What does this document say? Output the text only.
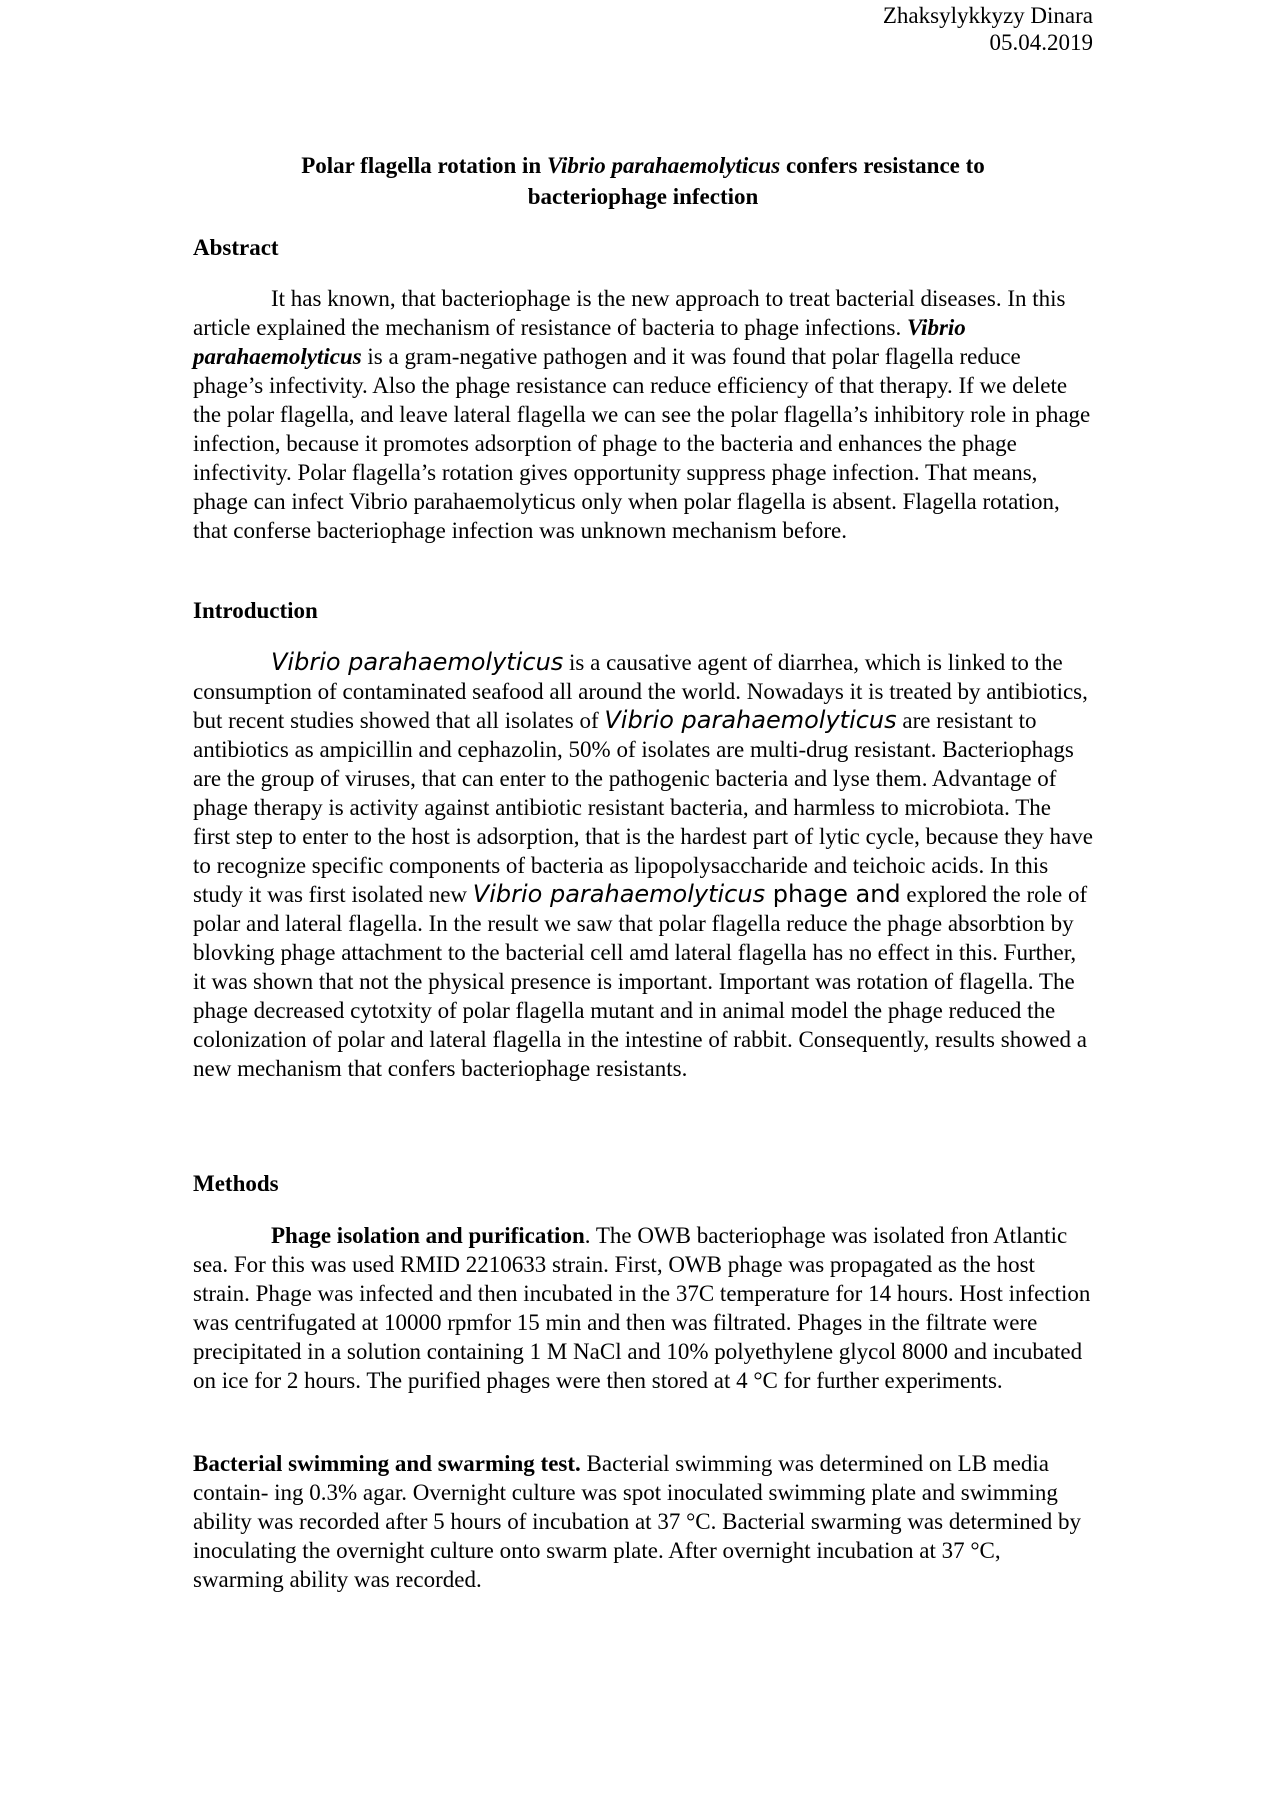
Zhaksylykkyzy Dinara
05.04.2019
Polar flagella rotation in Vibrio parahaemolyticus confers resistance to
bacteriophage infection

Abstract

It has known, that bacteriophage is the new approach to treat bacterial diseases. In this article explained the mechanism of resistance of bacteria to phage infections. Vibrio parahaemolyticus is a gram-negative pathogen and it was found that polar flagella reduce phage’s infectivity. Also the phage resistance can reduce efficiency of that therapy. If we delete the polar flagella, and leave lateral flagella we can see the polar flagella’s inhibitory role in phage infection, because it promotes adsorption of phage to the bacteria and enhances the phage infectivity. Polar flagella’s rotation gives opportunity suppress phage infection. That means, phage can infect Vibrio parahaemolyticus only when polar flagella is absent. Flagella rotation, that conferse bacteriophage infection was unknown mechanism before.

Introduction

Vibrio parahaemolyticus is a causative agent of diarrhea, which is linked to the consumption of contaminated seafood all around the world. Nowadays it is treated by antibiotics, but recent studies showed that all isolates of Vibrio parahaemolyticus are resistant to antibiotics as ampicillin and cephazolin, 50% of isolates are multi-drug resistant. Bacteriophags are the group of viruses, that can enter to the pathogenic bacteria and lyse them. Advantage of phage therapy is activity against antibiotic resistant bacteria, and harmless to microbiota. The first step to enter to the host is adsorption, that is the hardest part of lytic cycle, because they have to recognize specific components of bacteria as lipopolysaccharide and teichoic acids. In this study it was first isolated new Vibrio parahaemolyticus phage and explored the role of polar and lateral flagella. In the result we saw that polar flagella reduce the phage absorbtion by blovking phage attachment to the bacterial cell amd lateral flagella has no effect in this. Further, it was shown that not the physical presence is important. Important was rotation of flagella. The phage decreased cytotxity of polar flagella mutant and in animal model the phage reduced the colonization of polar and lateral flagella in the intestine of rabbit. Consequently, results showed a new mechanism that confers bacteriophage resistants.

Methods

Phage isolation and purification. The OWB bacteriophage was isolated fron Atlantic sea. For this was used RMID 2210633 strain. First, OWB phage was propagated as the host strain. Phage was infected and then incubated in the 37C temperature for 14 hours. Host infection was centrifugated at 10000 rpmfor 15 min and then was filtrated. Phages in the filtrate were precipitated in a solution containing 1 M NaCl and 10% polyethylene glycol 8000 and incubated on ice for 2 hours. The purified phages were then stored at 4 °C for further experiments.

Bacterial swimming and swarming test. Bacterial swimming was determined on LB media contain- ing 0.3% agar. Overnight culture was spot inoculated swimming plate and swimming ability was recorded after 5 hours of incubation at 37 °C. Bacterial swarming was determined by inoculating the overnight culture onto swarm plate. After overnight incubation at 37 °C, swarming ability was recorded.
